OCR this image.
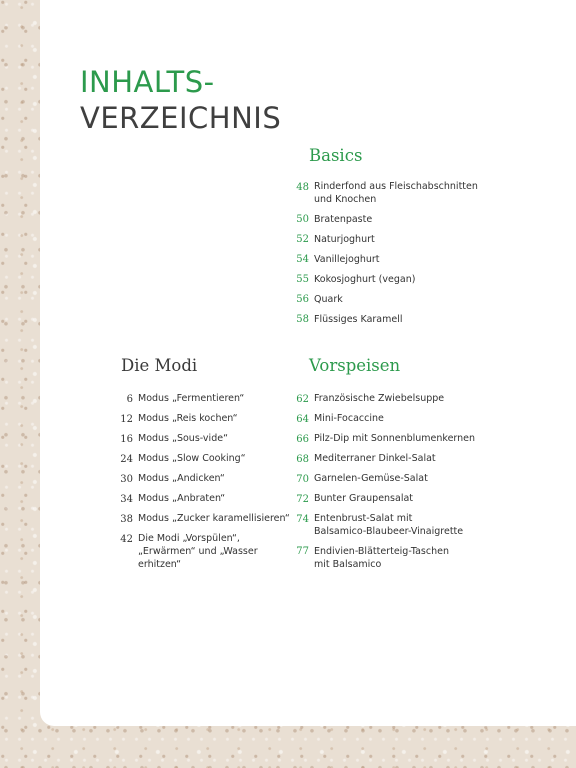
INHALTS-
VERZEICHNIS
Basics
48 Rinderfond aus Fleischabschnitten
und Knochen
50 Bratenpaste
52 Naturjoghurt
54 Vanillejoghurt
55 Kokosjoghurt (vegan)
56 Quark
58 Flüssiges Karamell
Die Modi
6 Modus „Fermentieren“
12 Modus „Reis kochen“
16 Modus „Sous-vide“
24 Modus „Slow Cooking“
30 Modus „Andicken“
34 Modus „Anbraten“
38 Modus „Zucker karamellisieren“
42 Die Modi „Vorspülen“,
„Erwärmen“ und „Wasser
erhitzen“
Vorspeisen
62 Französische Zwiebelsuppe
64 Mini-Focaccine
66 Pilz-Dip mit Sonnenblumenkernen
68 Mediterraner Dinkel-Salat
70 Garnelen-Gemüse-Salat
72 Bunter Graupensalat
74 Entenbrust-Salat mit
Balsamico-Blaubeer-Vinaigrette
77 Endivien-Blätterteig-Taschen
mit Balsamico
